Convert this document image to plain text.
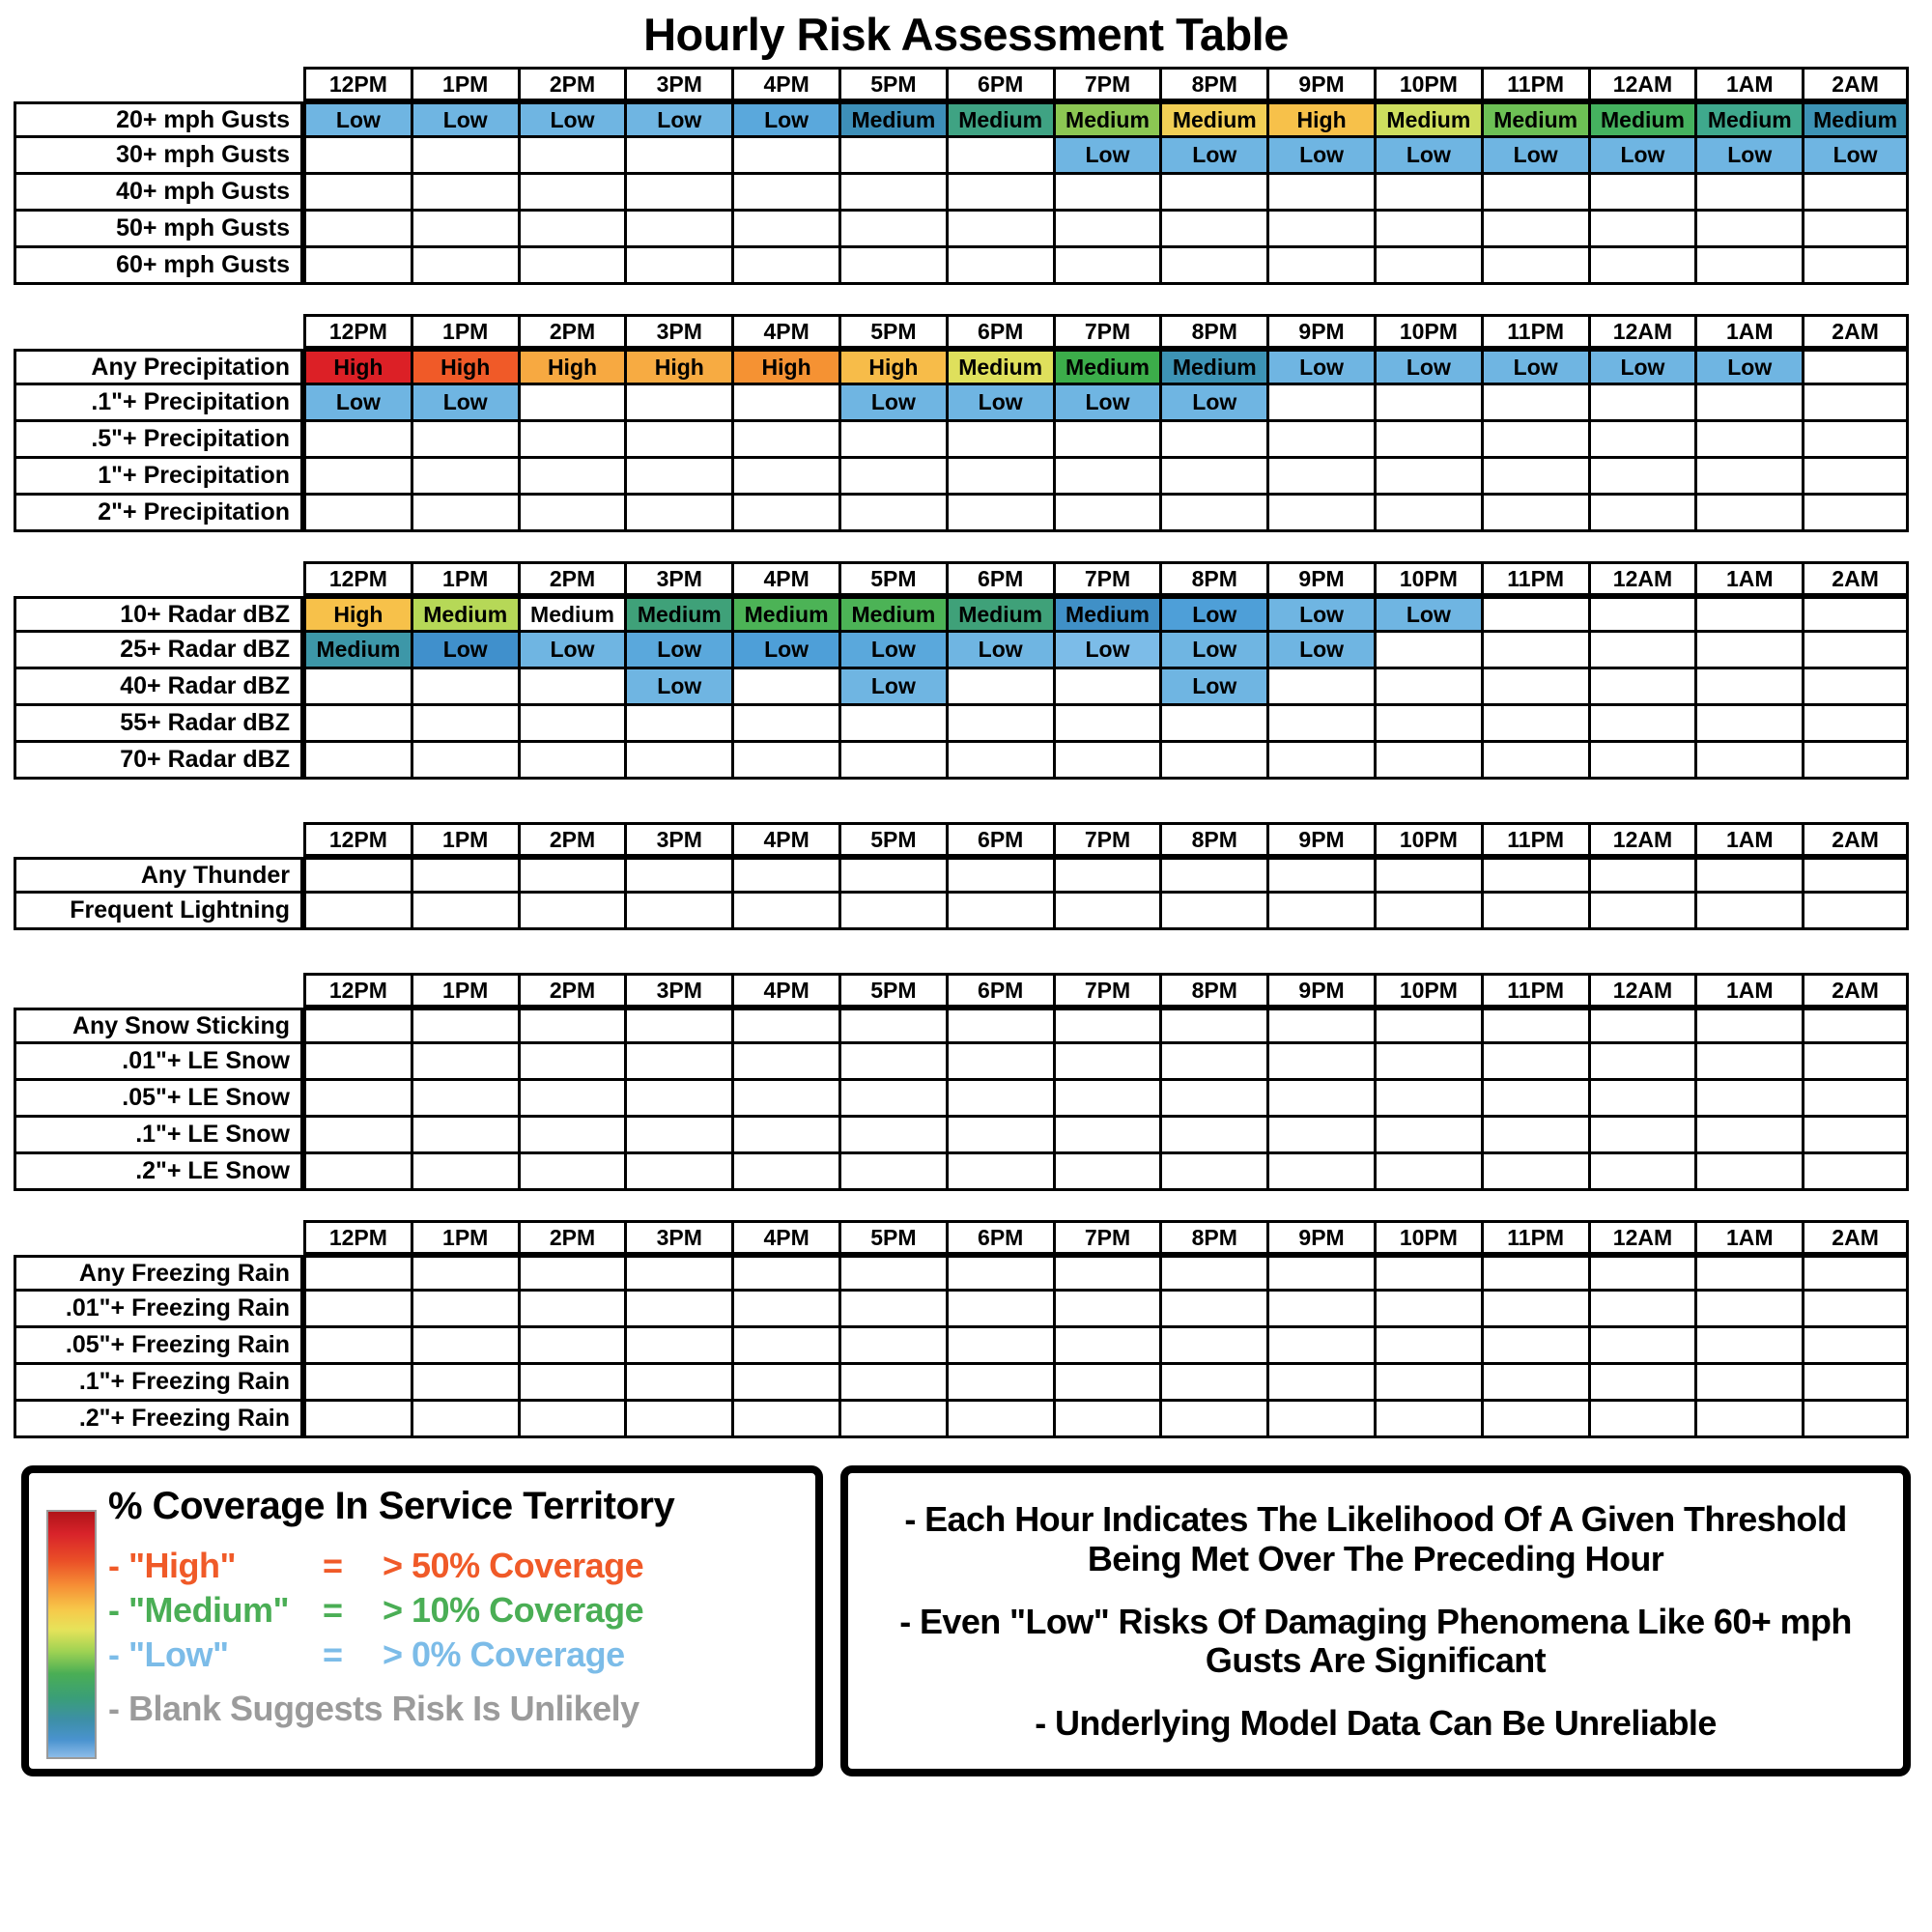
Hourly Risk Assessment Table
	12PM	1PM	2PM	3PM	4PM	5PM	6PM	7PM	8PM	9PM	10PM	11PM	12AM	1AM	2AM
20+ mph Gusts	Low	Low	Low	Low	Low	Medium	Medium	Medium	Medium	High	Medium	Medium	Medium	Medium	Medium
30+ mph Gusts								Low	Low	Low	Low	Low	Low	Low	Low
40+ mph Gusts															
50+ mph Gusts															
60+ mph Gusts															
	12PM	1PM	2PM	3PM	4PM	5PM	6PM	7PM	8PM	9PM	10PM	11PM	12AM	1AM	2AM
Any Precipitation	High	High	High	High	High	High	Medium	Medium	Medium	Low	Low	Low	Low	Low	
.1"+ Precipitation	Low	Low				Low	Low	Low	Low						
.5"+ Precipitation															
1"+ Precipitation															
2"+ Precipitation															
	12PM	1PM	2PM	3PM	4PM	5PM	6PM	7PM	8PM	9PM	10PM	11PM	12AM	1AM	2AM
10+ Radar dBZ	High	Medium	Medium	Medium	Medium	Medium	Medium	Medium	Low	Low	Low				
25+ Radar dBZ	Medium	Low	Low	Low	Low	Low	Low	Low	Low	Low					
40+ Radar dBZ				Low		Low			Low						
55+ Radar dBZ															
70+ Radar dBZ															
	12PM	1PM	2PM	3PM	4PM	5PM	6PM	7PM	8PM	9PM	10PM	11PM	12AM	1AM	2AM
Any Thunder															
Frequent Lightning															
	12PM	1PM	2PM	3PM	4PM	5PM	6PM	7PM	8PM	9PM	10PM	11PM	12AM	1AM	2AM
Any Snow Sticking															
.01"+ LE Snow															
.05"+ LE Snow															
.1"+ LE Snow															
.2"+ LE Snow															
	12PM	1PM	2PM	3PM	4PM	5PM	6PM	7PM	8PM	9PM	10PM	11PM	12AM	1AM	2AM
Any Freezing Rain															
.01"+ Freezing Rain															
.05"+ Freezing Rain															
.1"+ Freezing Rain															
.2"+ Freezing Rain															
% Coverage In Service Territory
- "High"	=	> 50% Coverage
- "Medium" =	> 10% Coverage
- "Low"	=	> 0% Coverage
- Blank Suggests Risk Is Unlikely
- Each Hour Indicates The Likelihood Of A Given Threshold Being Met Over The Preceding Hour
- Even "Low" Risks Of Damaging Phenomena Like 60+ mph Gusts Are Significant
- Underlying Model Data Can Be Unreliable
